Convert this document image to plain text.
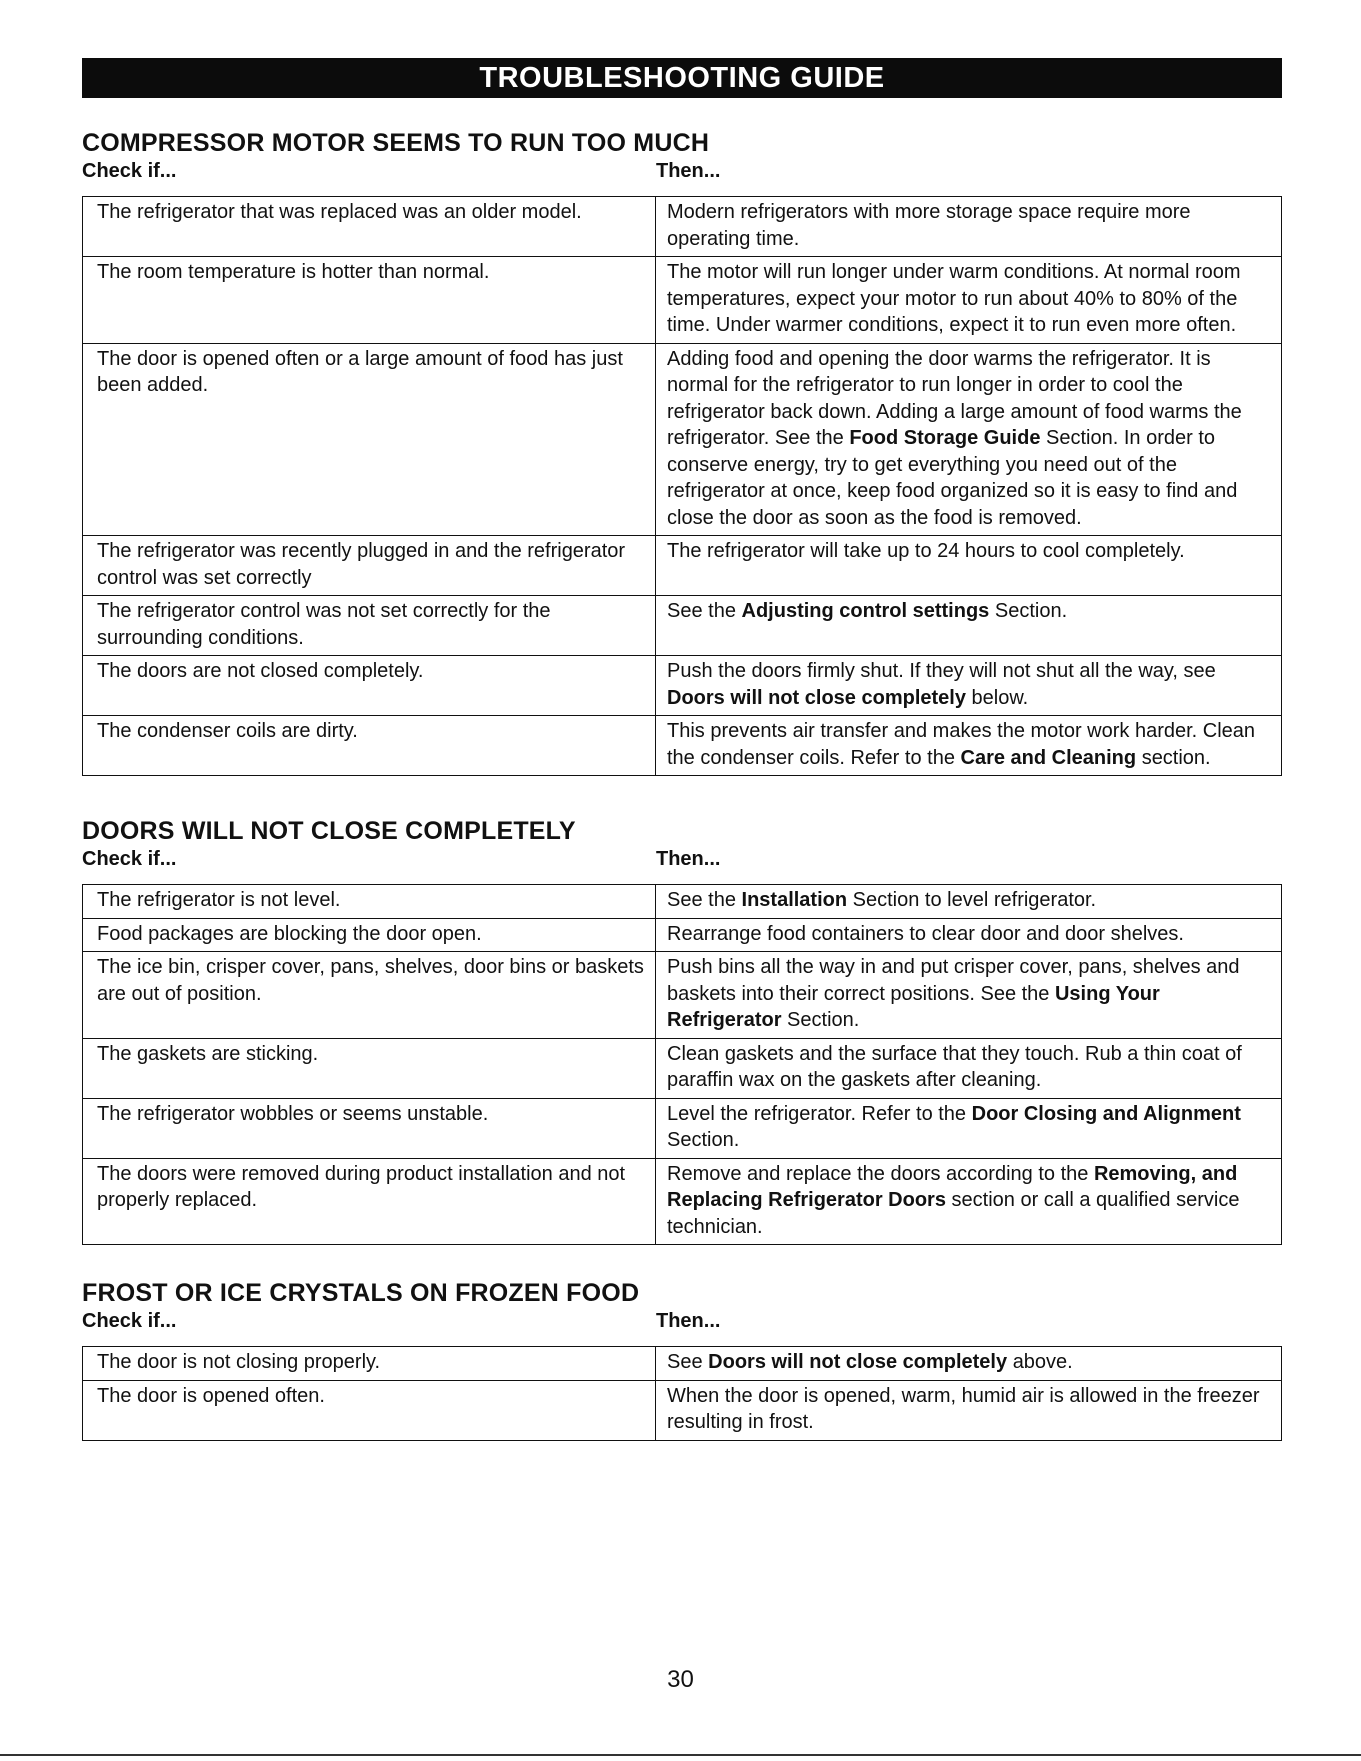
TROUBLESHOOTING GUIDE
COMPRESSOR MOTOR SEEMS TO RUN TOO MUCH
Check if...	Then...
The refrigerator that was replaced was an older model.	Modern refrigerators with more storage space require more operating time.
The room temperature is hotter than normal.	The motor will run longer under warm conditions. At normal room temperatures, expect your motor to run about 40% to 80% of the time. Under warmer conditions, expect it to run even more often.
The door is opened often or a large amount of food has just been added.	Adding food and opening the door warms the refrigerator. It is normal for the refrigerator to run longer in order to cool the refrigerator back down. Adding a large amount of food warms the refrigerator. See the Food Storage Guide Section. In order to conserve energy, try to get everything you need out of the refrigerator at once, keep food organized so it is easy to find and close the door as soon as the food is removed.
The refrigerator was recently plugged in and the refrigerator control was set correctly	The refrigerator will take up to 24 hours to cool completely.
The refrigerator control was not set correctly for the surrounding conditions.	See the Adjusting control settings Section.
The doors are not closed completely.	Push the doors firmly shut. If they will not shut all the way, see Doors will not close completely below.
The condenser coils are dirty.	This prevents air transfer and makes the motor work harder. Clean the condenser coils. Refer to the Care and Cleaning section.
DOORS WILL NOT CLOSE COMPLETELY
Check if...	Then...
The refrigerator is not level.	See the Installation Section to level refrigerator.
Food packages are blocking the door open.	Rearrange food containers to clear door and door shelves.
The ice bin, crisper cover, pans, shelves, door bins or baskets are out of position.	Push bins all the way in and put crisper cover, pans, shelves and baskets into their correct positions. See the Using Your Refrigerator Section.
The gaskets are sticking.	Clean gaskets and the surface that they touch. Rub a thin coat of paraffin wax on the gaskets after cleaning.
The refrigerator wobbles or seems unstable.	Level the refrigerator. Refer to the Door Closing and Alignment Section.
The doors were removed during product installation and not properly replaced.	Remove and replace the doors according to the Removing, and Replacing Refrigerator Doors section or call a qualified service technician.
FROST OR ICE CRYSTALS ON FROZEN FOOD
Check if...	Then...
The door is not closing properly.	See Doors will not close completely above.
The door is opened often.	When the door is opened, warm, humid air is allowed in the freezer resulting in frost.
30
